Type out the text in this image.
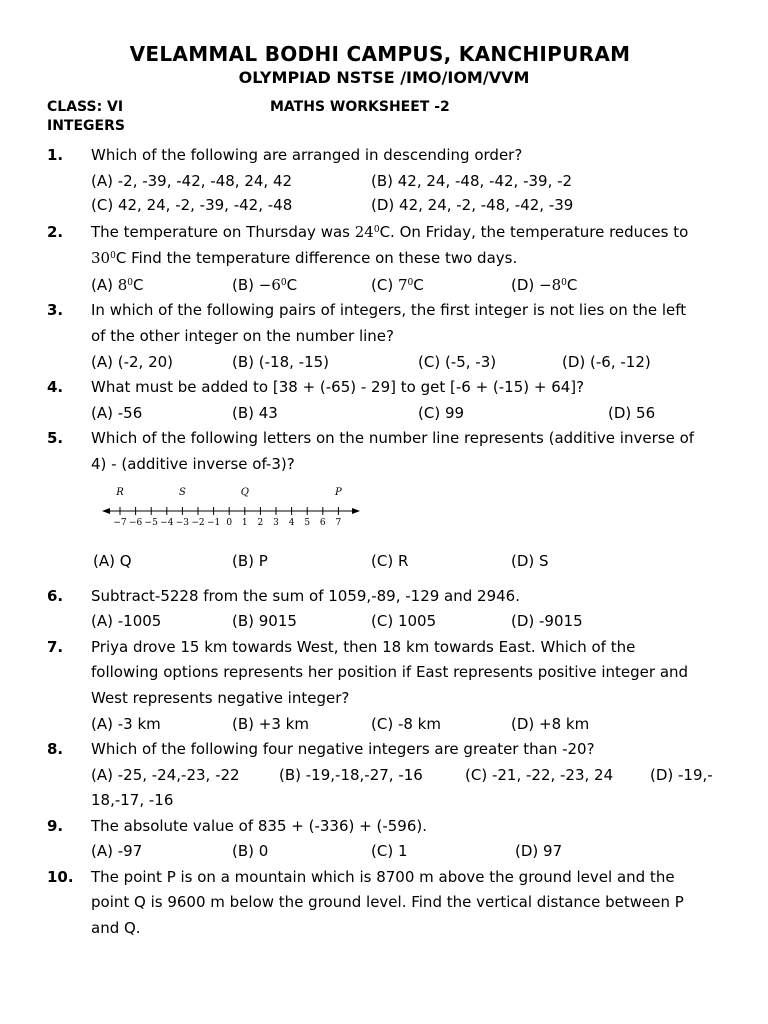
VELAMMAL BODHI CAMPUS, KANCHIPURAM
OLYMPIAD NSTSE /IMO/IOM/VVM
CLASS: VI	MATHS WORKSHEET -2
INTEGERS
1. Which of the following are arranged in descending order?
(A) -2, -39, -42, -48, 24, 42	(B) 42, 24, -48, -42, -39, -2
(C) 42, 24, -2, -39, -42, -48	(D) 42, 24, -2, -48, -42, -39
2. The temperature on Thursday was $24^0C$. On Friday, the temperature reduces to
$30^0C$ Find the temperature difference on these two days.
(A) $8^0C$	$(B) -6^0C$	(C) $7^0C$	$(D) -8^0C$
3. In which of the following pairs of integers, the first integer is not lies on the left
of the other integer on the number line?
(A) (-2, 20)	(B) (-18, -15)	(C) (-5, -3)	(D) (-6, -12)
4. What must be added to [38 + (-65) - 29] to get [-6 + (-15) + 64]?
(A) -56	(B) 43	(C) 99	(D) 56
5. Which of the following letters on the number line represents (additive inverse of
4) - (additive inverse of-3)?
−7 −6 −5 −4 −3 −2 −1 0 1 2 3 4 5 6 7
R	S	Q	P
(A) Q	(B) P	(C) R	(D) S
6. Subtract-5228 from the sum of 1059,-89, -129 and 2946.
(A) -1005	(B) 9015	(C) 1005	(D) -9015
7. Priya drove 15 km towards West, then 18 km towards East. Which of the
following options represents her position if East represents positive integer and
West represents negative integer?
(A) -3 km	(B) +3 km	(C) -8 km	(D) +8 km
8. Which of the following four negative integers are greater than -20?
(A) -25, -24,-23, -22	(B) -19,-18,-27, -16	(C) -21, -22, -23, 24 (D) -19,-
18,-17, -16
9. The absolute value of 835 + (-336) + (-596).
(A) -97	(B) 0	(C) 1	(D) 97
10. The point P is on a mountain which is 8700 m above the ground level and the
point Q is 9600 m below the ground level. Find the vertical distance between P
and Q.
